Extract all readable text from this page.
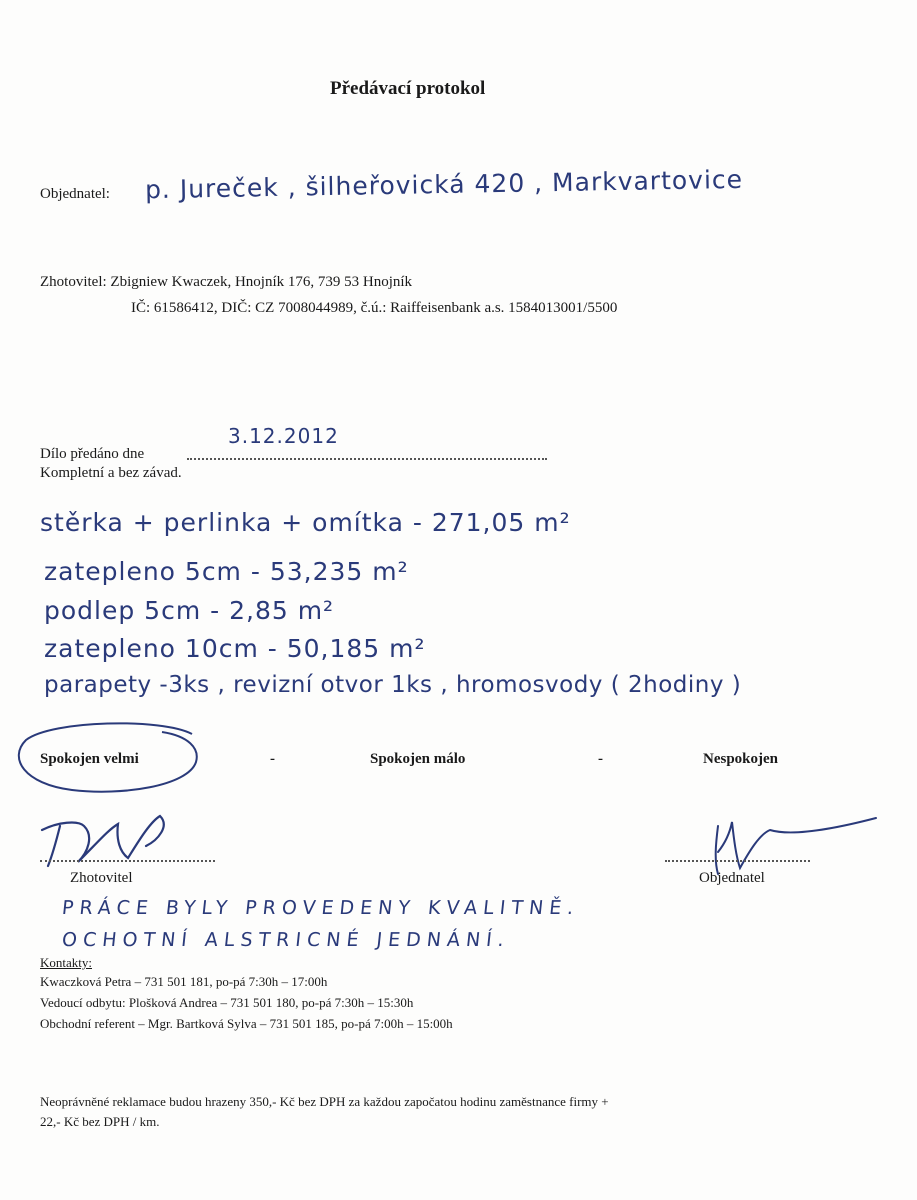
Předávací protokol
Objednatel: p. Jureček , šilheřovická 420 , Markvartovice
Zhotovitel: Zbigniew Kwaczek, Hnojník 176, 739 53 Hnojník
IČ: 61586412, DIČ: CZ 7008044989, č.ú.: Raiffeisenbank a.s. 1584013001/5500
Dílo předáno dne
3.12.2012
Kompletní a bez závad.
stěrka + perlinka + omítka - 271,05 m²
zatepleno 5cm - 53,235 m²
podlep 5cm - 2,85 m²
zatepleno 10cm - 50,185 m²
parapety -3ks , revizní otvor 1ks , hromosvody ( 2hodiny )
Spokojen velmi	-	Spokojen málo	-	Nespokojen
Zhotovitel	Objednatel
PRÁCE BYLY PROVEDENY KVALITNĚ.
OCHOTNÍ ALSTRICNÉ JEDNÁNÍ.
Kontakty:
Kwaczková Petra – 731 501 181, po-pá 7:30h – 17:00h
Vedoucí odbytu: Plošková Andrea – 731 501 180, po-pá 7:30h – 15:30h
Obchodní referent – Mgr. Bartková Sylva – 731 501 185, po-pá 7:00h – 15:00h
Neoprávněné reklamace budou hrazeny 350,- Kč bez DPH za každou započatou hodinu zaměstnance firmy +
22,- Kč bez DPH / km.
